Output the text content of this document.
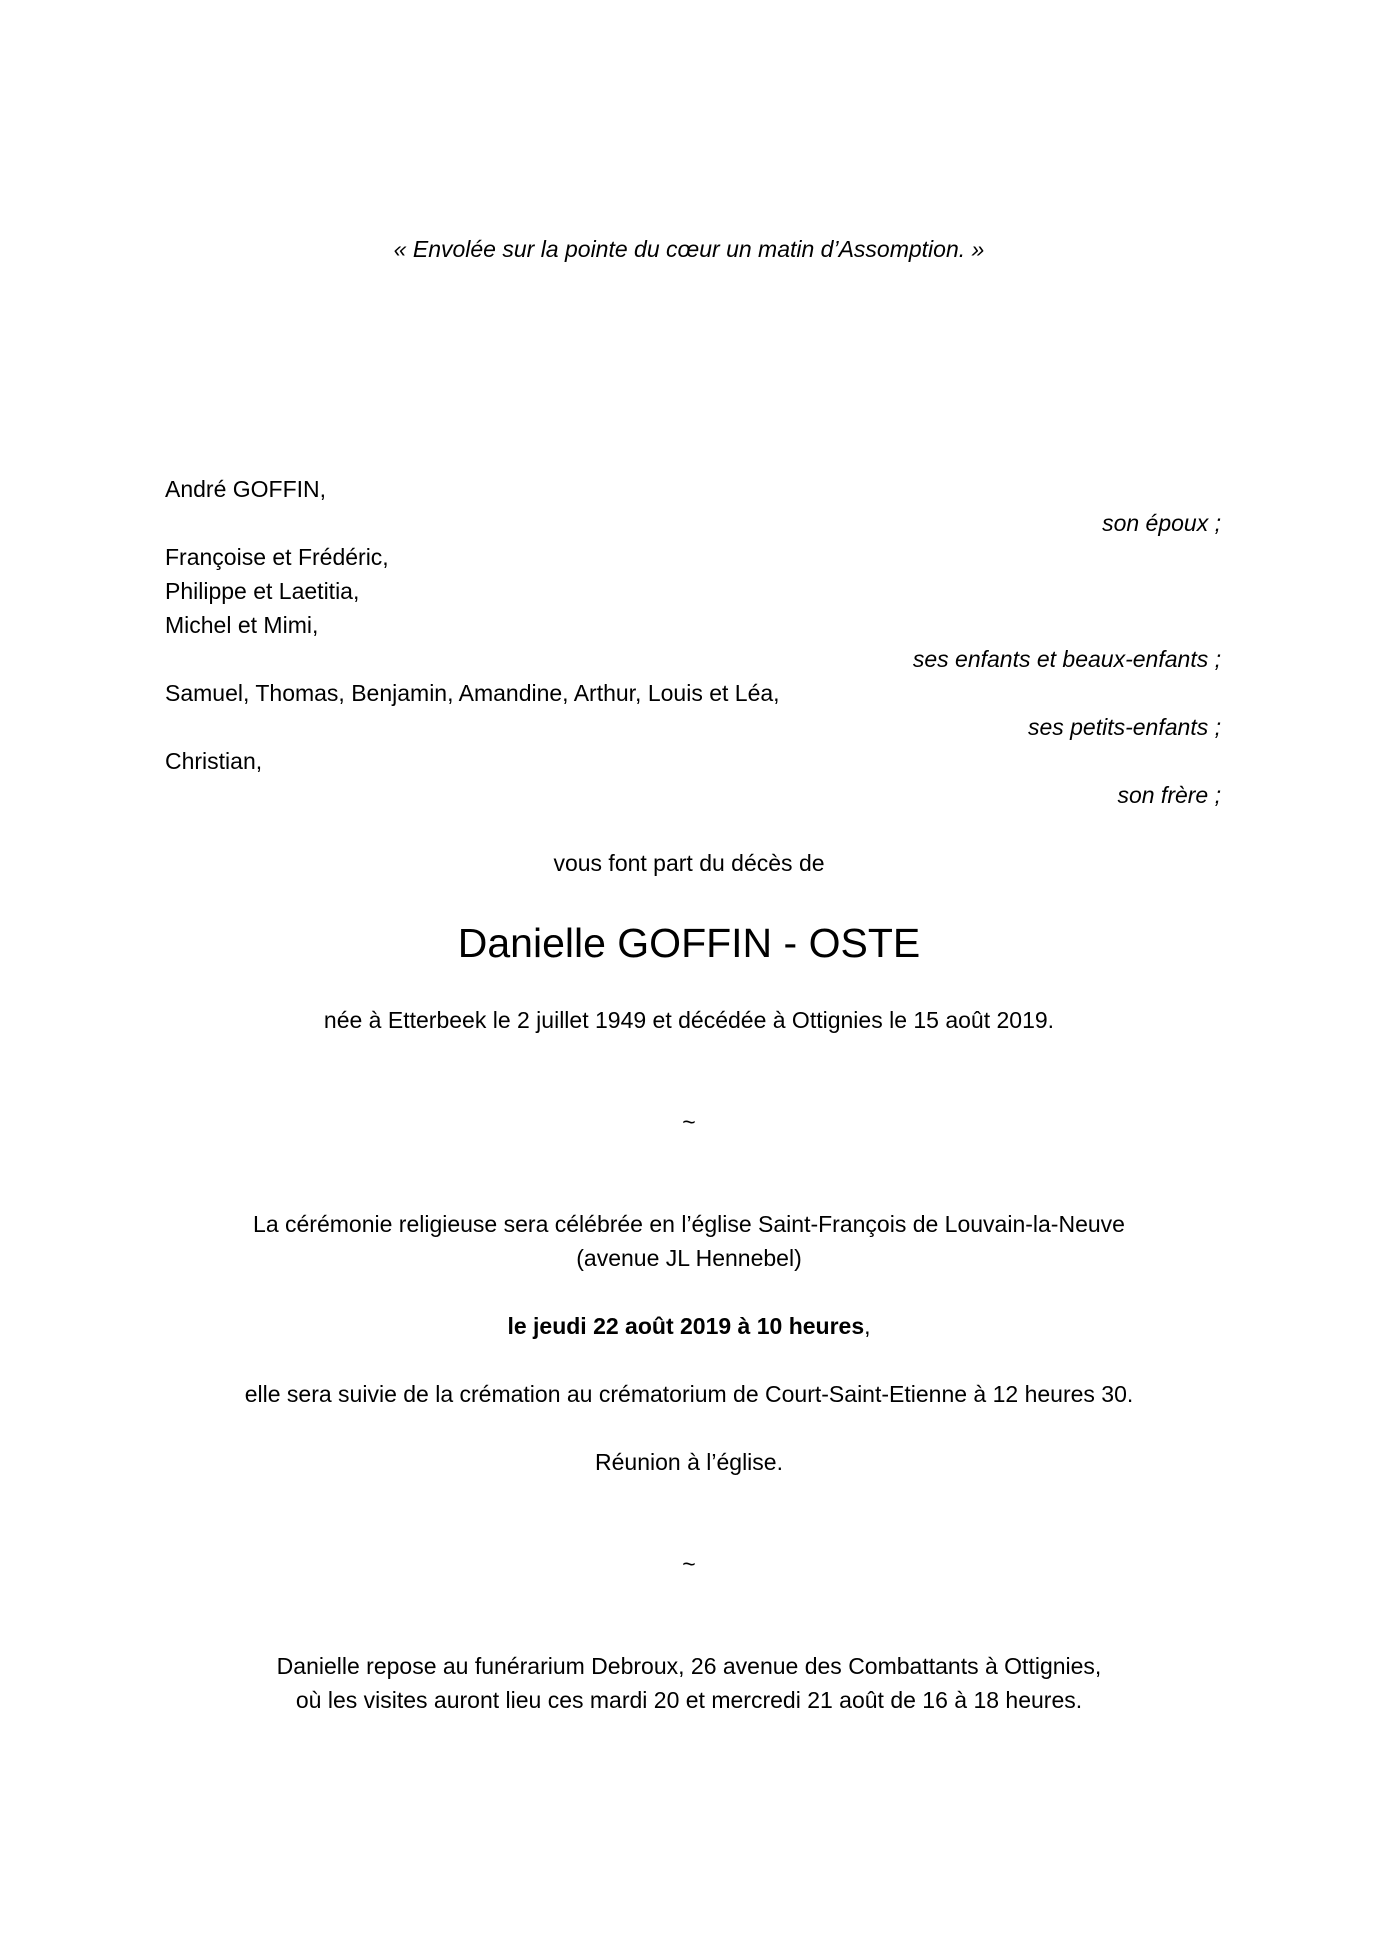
« Envolée sur la pointe du cœur un matin d’Assomption. »
André GOFFIN,
son époux ;
Françoise et Frédéric,
Philippe et Laetitia,
Michel et Mimi,
ses enfants et beaux-enfants ;
Samuel, Thomas, Benjamin, Amandine, Arthur, Louis et Léa,
ses petits-enfants ;
Christian,
son frère ;
vous font part du décès de
Danielle GOFFIN - OSTE
née à Etterbeek le 2 juillet 1949 et décédée à Ottignies le 15 août 2019.
~
La cérémonie religieuse sera célébrée en l’église Saint-François de Louvain-la-Neuve
(avenue JL Hennebel)
le jeudi 22 août 2019 à 10 heures,
elle sera suivie de la crémation au crématorium de Court-Saint-Etienne à 12 heures 30.
Réunion à l’église.
~
Danielle repose au funérarium Debroux, 26 avenue des Combattants à Ottignies,
où les visites auront lieu ces mardi 20 et mercredi 21 août de 16 à 18 heures.
